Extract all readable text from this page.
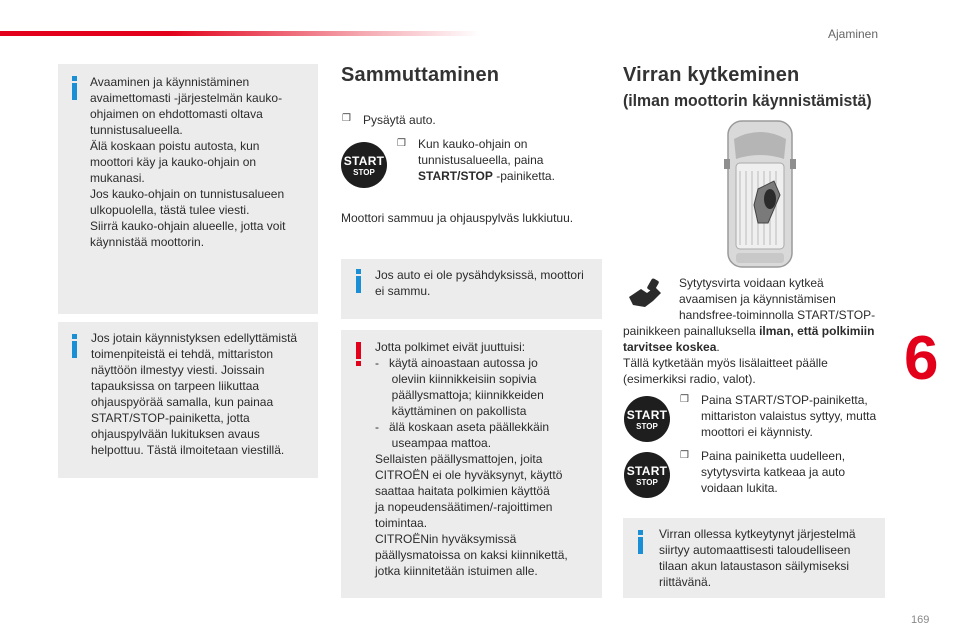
Ajaminen
6
169

Avaaminen ja käynnistäminen

avaimettomasti -järjestelmän kauko-

ohjaimen on ehdottomasti oltava

tunnistusalueella.

Älä koskaan poistu autosta, kun

moottori käy ja kauko-ohjain on

mukanasi.

Jos kauko-ohjain on tunnistusalueen

ulkopuolella, tästä tulee viesti.

Siirrä kauko-ohjain alueelle, jotta voit

käynnistää moottorin.

Jos jotain käynnistyksen edellyttämistä

toimenpiteistä ei tehdä, mittariston

näyttöön ilmestyy viesti. Joissain

tapauksissa on tarpeen liikuttaa

ohjauspyörää samalla, kun painaa

START/STOP-painiketta, jotta

ohjauspylvään lukituksen avaus

helpottuu. Tästä ilmoitetaan viestillä.

Sammuttaminen
❒ Pysäytä auto.
START
STOP
❒ Kun kauko-ohjain on

tunnistusalueella, paina

START/STOP -painiketta.

Moottori sammuu ja ohjauspylväs lukkiutuu.

Jos auto ei ole pysähdyksissä, moottori

ei sammu.

Jotta polkimet eivät juuttuisi:

-   käytä ainoastaan autossa jo

oleviin kiinnikkeisiin sopivia

päällysmattoja; kiinnikkeiden

käyttäminen on pakollista

-   älä koskaan aseta päällekkäin

useampaa mattoa.

Sellaisten päällysmattojen, joita

CITROËN ei ole hyväksynyt, käyttö

saattaa haitata polkimien käyttöä

ja nopeudensäätimen/-rajoittimen

toimintaa.

CITROËNin hyväksymissä

päällysmatoissa on kaksi kiinnikettä,

jotka kiinnitetään istuimen alle.

Virran kytkeminen
(ilman moottorin käynnistämistä)

Sytytysvirta voidaan kytkeä

avaamisen ja käynnistämisen

handsfree-toiminnolla START/STOP-

painikkeen painalluksella ilman, että polkimiin

tarvitsee koskea.

Tällä kytketään myös lisälaitteet päälle

(esimerkiksi radio, valot).

START
STOP
❒ Paina START/STOP-painiketta,

mittariston valaistus syttyy, mutta

moottori ei käynnisty.

START
STOP
❒ Paina painiketta uudelleen,

sytytysvirta katkeaa ja auto

voidaan lukita.

Virran ollessa kytkeytynyt järjestelmä

siirtyy automaattisesti taloudelliseen

tilaan akun lataustason säilymiseksi

riittävänä.
